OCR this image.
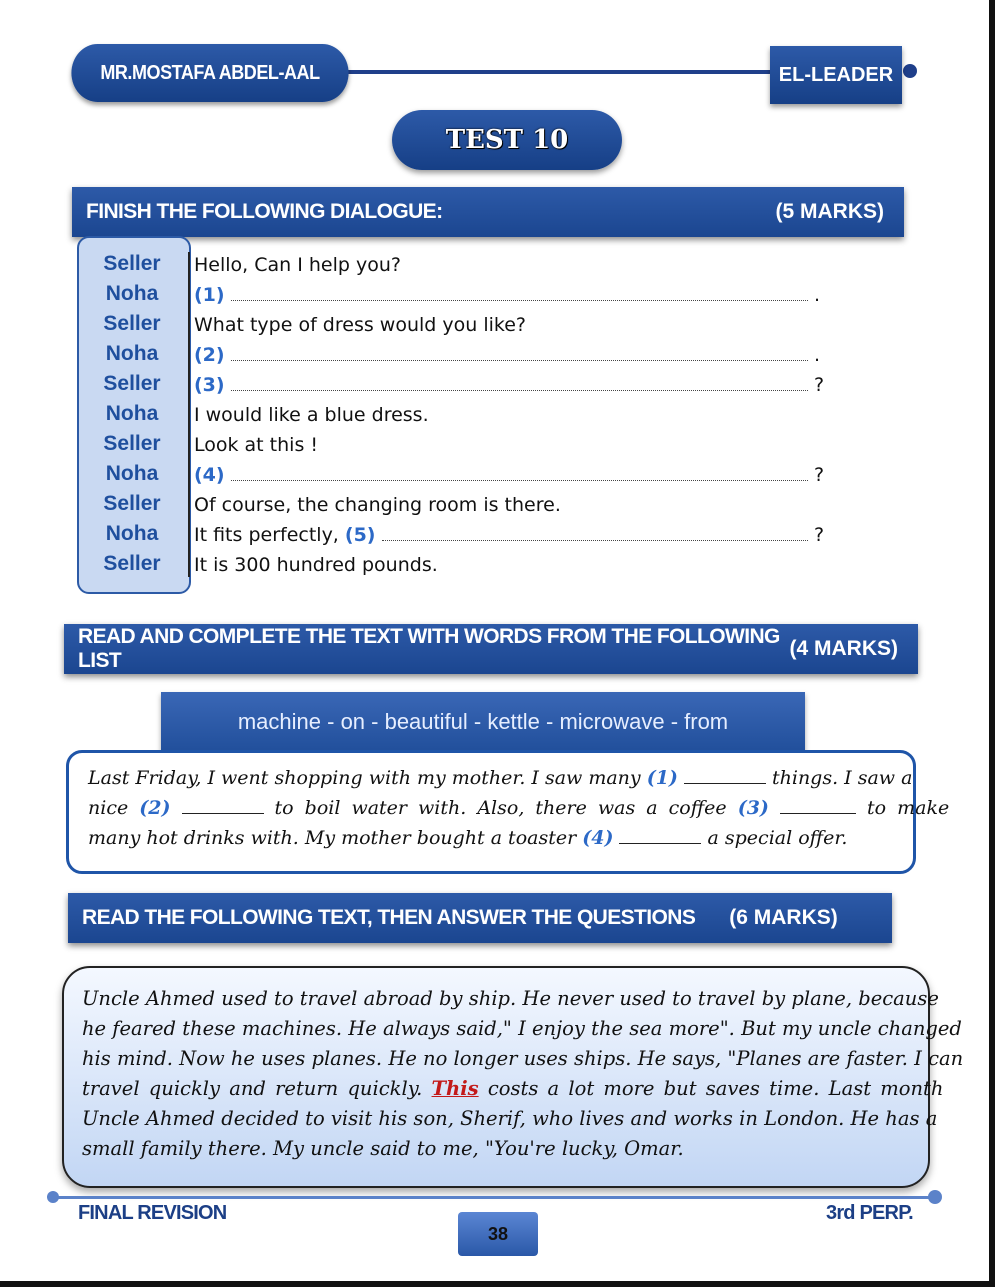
MR.MOSTAFA ABDEL-AAL	EL-LEADER
TEST 10
FINISH THE FOLLOWING DIALOGUE:	(5 MARKS)
Seller	Hello, Can I help you?
Noha	(1)	.
Seller	What type of dress would you like?
Noha	(2)	.
Seller	(3)	?
Noha	I would like a blue dress.
Seller	Look at this !
Noha	(4)	?
Seller	Of course, the changing room is there.
Noha	It fits perfectly, (5)	?
Seller	It is 300 hundred pounds.
READ AND COMPLETE THE TEXT WITH WORDS FROM THE FOLLOWING LIST
(4 MARKS)
machine - on - beautiful - kettle - microwave - from
Last Friday, I went shopping with my mother. I saw many (1)	things. I saw a
nice (2)	to boil water with. Also, there was a coffee (3)	to make
many hot drinks with. My mother bought a toaster (4)	a special offer.
READ THE FOLLOWING TEXT, THEN ANSWER THE QUESTIONS	(6 MARKS)
Uncle Ahmed used to travel abroad by ship. He never used to travel by plane, because
he feared these machines. He always said," I enjoy the sea more". But my uncle changed
his mind. Now he uses planes. He no longer uses ships. He says, "Planes are faster. I can
travel quickly and return quickly. This costs a lot more but saves time. Last month
Uncle Ahmed decided to visit his son, Sherif, who lives and works in London. He has a
small family there. My uncle said to me, "You're lucky, Omar.
FINAL REVISION	3rd PERP.
38
